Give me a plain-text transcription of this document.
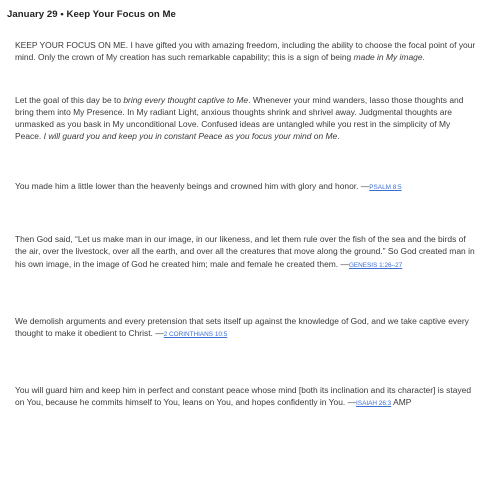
January 29 • Keep Your Focus on Me

KEEP YOUR FOCUS ON ME. I have gifted you with amazing freedom, including the ability to choose the focal point of your mind. Only the crown of My creation has such remarkable capability; this is a sign of being made in My image.

Let the goal of this day be to bring every thought captive to Me. Whenever your mind wanders, lasso those thoughts and bring them into My Presence. In My radiant Light, anxious thoughts shrink and shrivel away. Judgmental thoughts are unmasked as you bask in My unconditional Love. Confused ideas are untangled while you rest in the simplicity of My Peace. I will guard you and keep you in constant Peace as you focus your mind on Me.

You made him a little lower than the heavenly beings and crowned him with glory and honor. —PSALM 8:5

Then God said, “Let us make man in our image, in our likeness, and let them rule over the fish of the sea and the birds of the air, over the livestock, over all the earth, and over all the creatures that move along the ground.” So God created man in his own image, in the image of God he created him; male and female he created them. —GENESIS 1:26–27

We demolish arguments and every pretension that sets itself up against the knowledge of God, and we take captive every thought to make it obedient to Christ. —2 CORINTHIANS 10:5

You will guard him and keep him in perfect and constant peace whose mind [both its inclination and its character] is stayed on You, because he commits himself to You, leans on You, and hopes confidently in You. —ISAIAH 26:3 AMP
